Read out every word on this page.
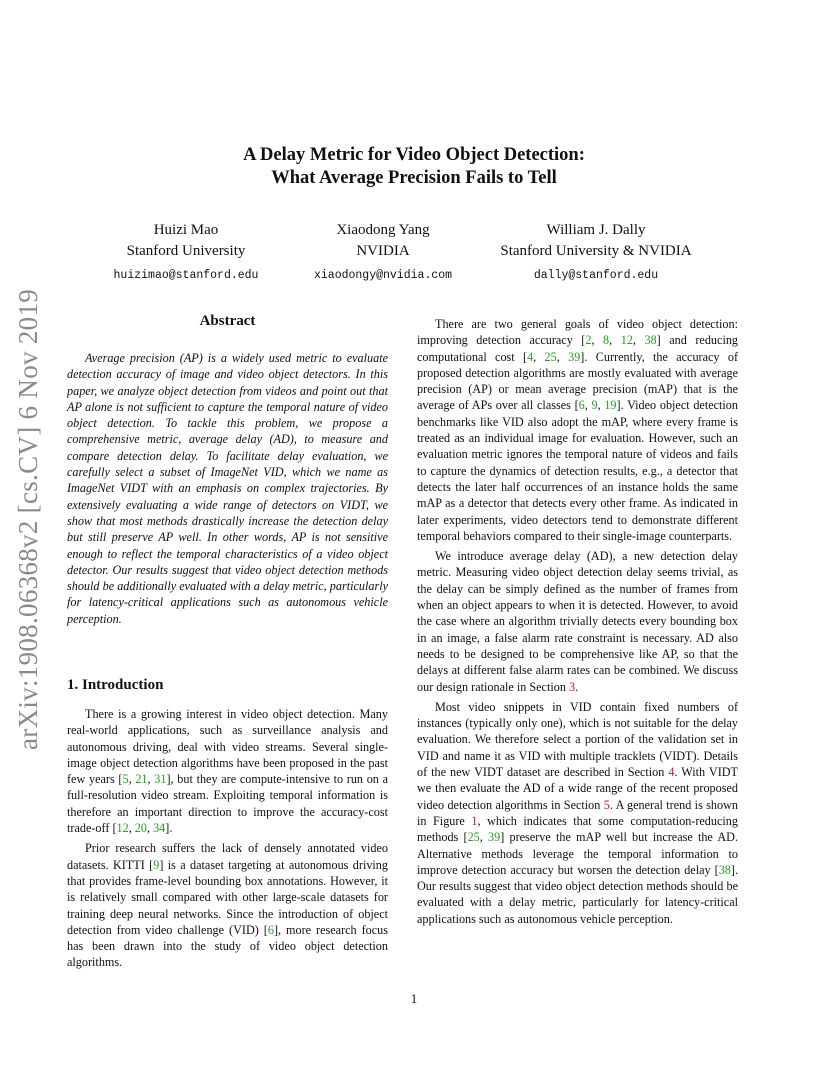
arXiv:1908.06368v2 [cs.CV] 6 Nov 2019
A Delay Metric for Video Object Detection:
What Average Precision Fails to Tell
Huizi Mao
Stanford University
huizimao@stanford.edu
Xiaodong Yang
NVIDIA
xiaodongy@nvidia.com
William J. Dally
Stanford University & NVIDIA
dally@stanford.edu
Abstract

Average precision (AP) is a widely used metric to evaluate detection accuracy of image and video object detectors. In this paper, we analyze object detection from videos and point out that AP alone is not sufficient to capture the temporal nature of video object detection. To tackle this problem, we propose a comprehensive metric, average delay (AD), to measure and compare detection delay. To facilitate delay evaluation, we carefully select a subset of ImageNet VID, which we name as ImageNet VIDT with an emphasis on complex trajectories. By extensively evaluating a wide range of detectors on VIDT, we show that most methods drastically increase the detection delay but still preserve AP well. In other words, AP is not sensitive enough to reflect the temporal characteristics of a video object detector. Our results suggest that video object detection methods should be additionally evaluated with a delay metric, particularly for latency-critical applications such as autonomous vehicle perception.

1. Introduction

There is a growing interest in video object detection. Many real-world applications, such as surveillance analysis and autonomous driving, deal with video streams. Several single-image object detection algorithms have been proposed in the past few years [5, 21, 31], but they are compute-intensive to run on a full-resolution video stream. Exploiting temporal information is therefore an important direction to improve the accuracy-cost trade-off [12, 20, 34].

Prior research suffers the lack of densely annotated video datasets. KITTI [9] is a dataset targeting at autonomous driving that provides frame-level bounding box annotations. However, it is relatively small compared with other large-scale datasets for training deep neural networks. Since the introduction of object detection from video challenge (VID) [6], more research focus has been drawn into the study of video object detection algorithms.

There are two general goals of video object detection: improving detection accuracy [2, 8, 12, 38] and reducing computational cost [4, 25, 39]. Currently, the accuracy of proposed detection algorithms are mostly evaluated with average precision (AP) or mean average precision (mAP) that is the average of APs over all classes [6, 9, 19]. Video object detection benchmarks like VID also adopt the mAP, where every frame is treated as an individual image for evaluation. However, such an evaluation metric ignores the temporal nature of videos and fails to capture the dynamics of detection results, e.g., a detector that detects the later half occurrences of an instance holds the same mAP as a detector that detects every other frame. As indicated in later experiments, video detectors tend to demonstrate different temporal behaviors compared to their single-image counterparts.

We introduce average delay (AD), a new detection delay metric. Measuring video object detection delay seems trivial, as the delay can be simply defined as the number of frames from when an object appears to when it is detected. However, to avoid the case where an algorithm trivially detects every bounding box in an image, a false alarm rate constraint is necessary. AD also needs to be designed to be comprehensive like AP, so that the delays at different false alarm rates can be combined. We discuss our design rationale in Section 3.

Most video snippets in VID contain fixed numbers of instances (typically only one), which is not suitable for the delay evaluation. We therefore select a portion of the validation set in VID and name it as VID with multiple tracklets (VIDT). Details of the new VIDT dataset are described in Section 4. With VIDT we then evaluate the AD of a wide range of the recent proposed video detection algorithms in Section 5. A general trend is shown in Figure 1, which indicates that some computation-reducing methods [25, 39] preserve the mAP well but increase the AD. Alternative methods leverage the temporal information to improve detection accuracy but worsen the detection delay [38]. Our results suggest that video object detection methods should be evaluated with a delay metric, particularly for latency-critical applications such as autonomous vehicle perception.

1
